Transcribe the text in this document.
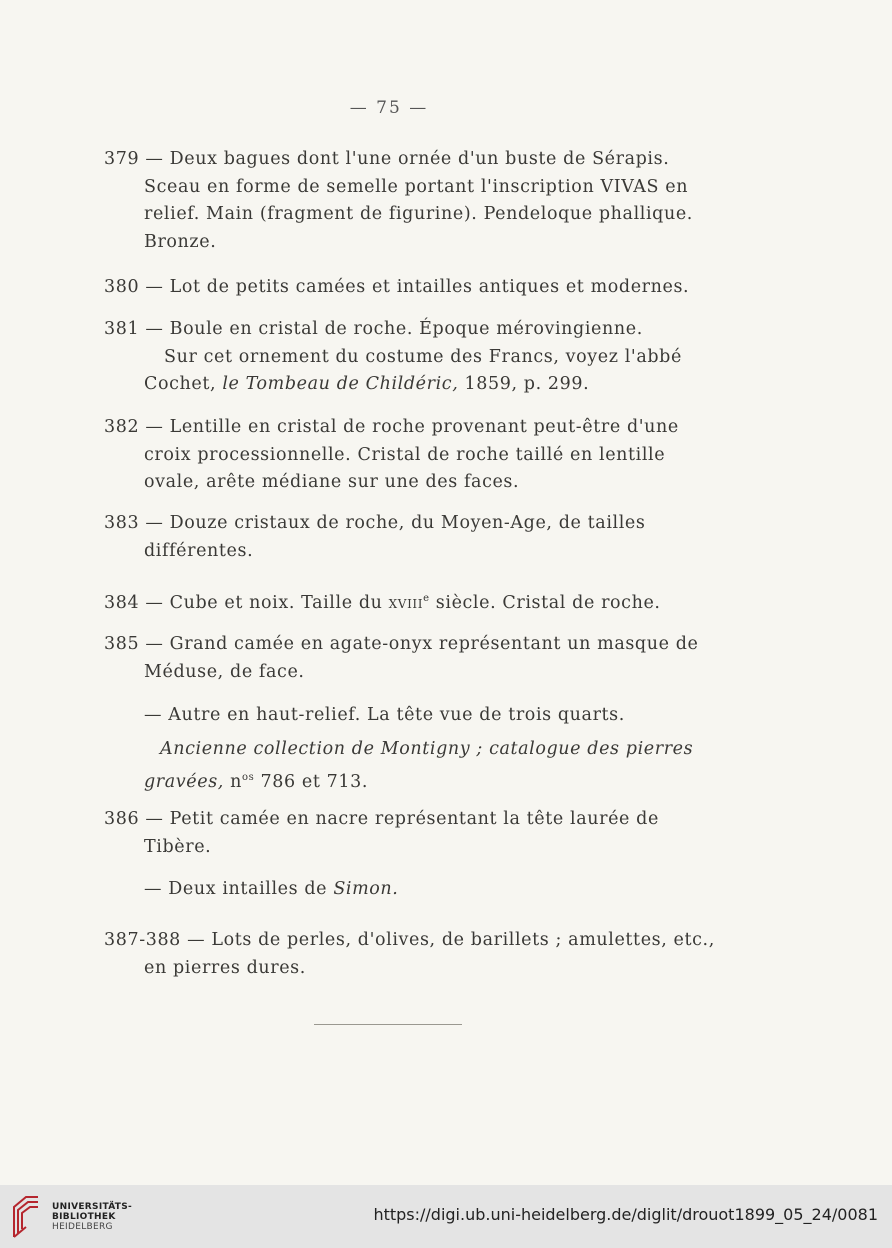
— 75 —
379 — Deux bagues dont l'une ornée d'un buste de Sérapis.
Sceau en forme de semelle portant l'inscription VIVAS en
relief. Main (fragment de figurine). Pendeloque phallique.
Bronze.
380 — Lot de petits camées et intailles antiques et modernes.
381 — Boule en cristal de roche. Époque mérovingienne.
Sur cet ornement du costume des Francs, voyez l'abbé
Cochet, le Tombeau de Childéric, 1859, p. 299.
382 — Lentille en cristal de roche provenant peut-être d'une
croix processionnelle. Cristal de roche taillé en lentille
ovale, arête médiane sur une des faces.
383 — Douze cristaux de roche, du Moyen-Age, de tailles
différentes.
384 — Cube et noix. Taille du xviii$^e$ siècle. Cristal de roche.
385 — Grand camée en agate-onyx représentant un masque de
Méduse, de face.
— Autre en haut-relief. La tête vue de trois quarts.
Ancienne collection de Montigny ; catalogue des pierres
gravées, $n^{os}$ 786 et 713.
386 — Petit camée en nacre représentant la tête laurée de
Tibère.
— Deux intailles de Simon.
387-388 — Lots de perles, d'olives, de barillets ; amulettes, etc.,
en pierres dures.
UNIVERSITÄTS-
BIBLIOTHEK
HEIDELBERG
https://digi.ub.uni-heidelberg.de/diglit/drouot1899_05_24/0081
